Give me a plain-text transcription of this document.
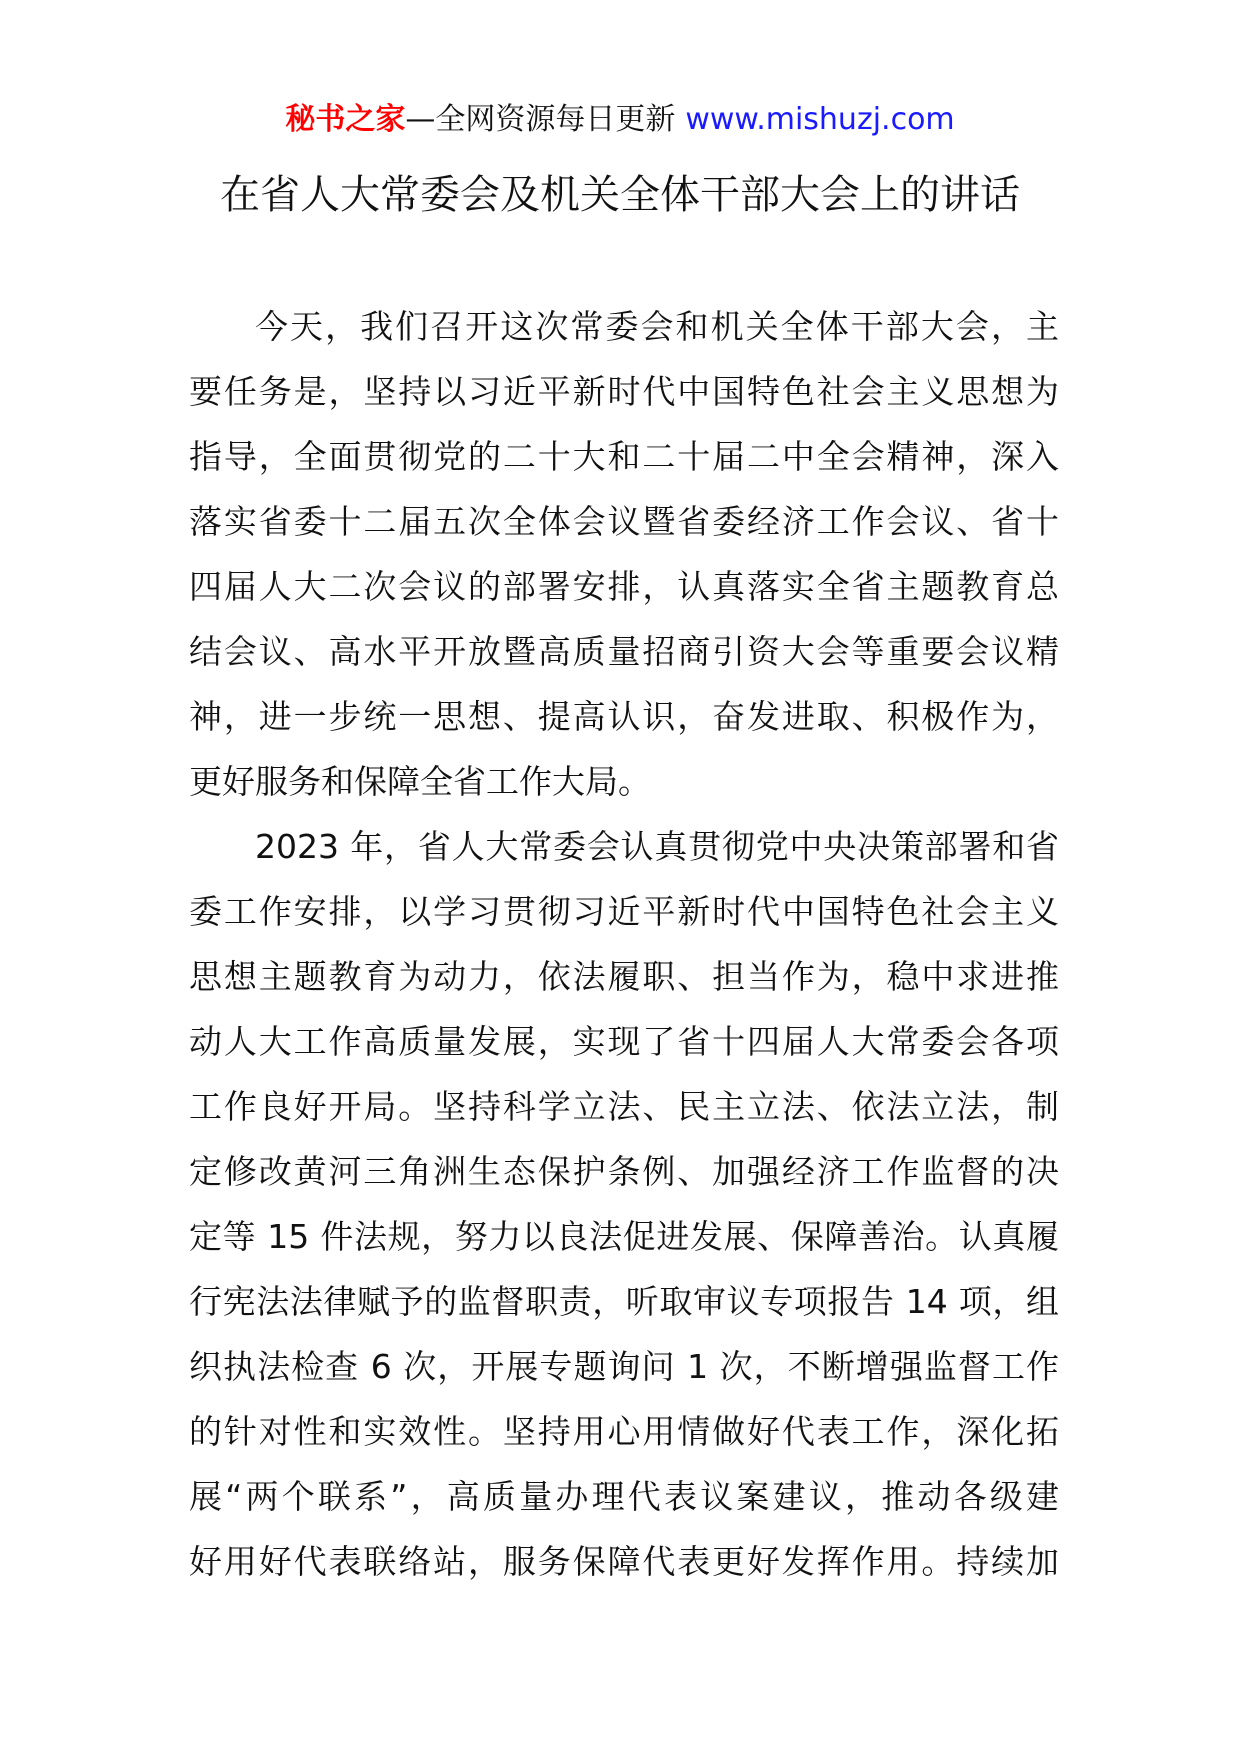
秘书之家—全网资源每日更新 www.mishuzj.com
在省人大常委会及机关全体干部大会上的讲话
今天，我们召开这次常委会和机关全体干部大会，主
要任务是，坚持以习近平新时代中国特色社会主义思想为
指导，全面贯彻党的二十大和二十届二中全会精神，深入
落实省委十二届五次全体会议暨省委经济工作会议、省十
四届人大二次会议的部署安排，认真落实全省主题教育总
结会议、高水平开放暨高质量招商引资大会等重要会议精
神，进一步统一思想、提高认识，奋发进取、积极作为，
更好服务和保障全省工作大局。
2023 年，省人大常委会认真贯彻党中央决策部署和省
委工作安排，以学习贯彻习近平新时代中国特色社会主义
思想主题教育为动力，依法履职、担当作为，稳中求进推
动人大工作高质量发展，实现了省十四届人大常委会各项
工作良好开局。坚持科学立法、民主立法、依法立法，制
定修改黄河三角洲生态保护条例、加强经济工作监督的决
定等 15 件法规，努力以良法促进发展、保障善治。认真履
行宪法法律赋予的监督职责，听取审议专项报告 14 项，组
织执法检查 6 次，开展专题询问 1 次，不断增强监督工作
的针对性和实效性。坚持用心用情做好代表工作，深化拓
展“两个联系”，高质量办理代表议案建议，推动各级建
好用好代表联络站，服务保障代表更好发挥作用。持续加
